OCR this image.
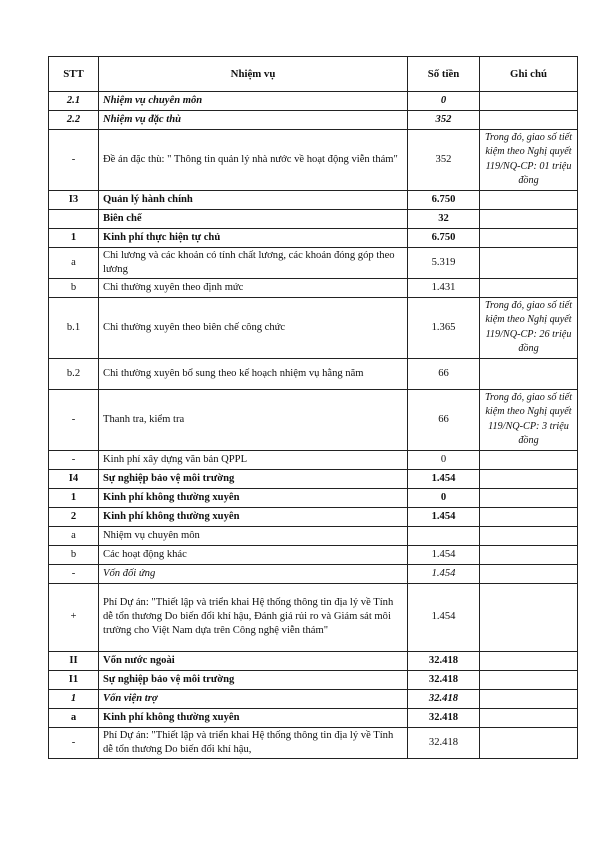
STT	Nhiệm vụ	Số tiền	Ghi chú
2.1	Nhiệm vụ chuyên môn	0	
2.2	Nhiệm vụ đặc thù	352	
-	Đề án đặc thù: " Thông tin quản lý nhà nước về hoạt động viễn thám"	352	Trong đó, giao số tiết kiệm theo Nghị quyết 119/NQ-CP: 01 triệu đồng
I3	Quản lý hành chính	6.750	
	Biên chế	32	
1	Kinh phí thực hiện tự chủ	6.750	
a	Chi lương và các khoản có tính chất lương, các khoản đóng góp theo lương	5.319	
b	Chi thường xuyên theo định mức	1.431	
b.1	Chi thường xuyên theo biên chế công chức	1.365	Trong đó, giao số tiết kiệm theo Nghị quyết 119/NQ-CP: 26 triệu đồng
b.2	Chi thường xuyên bổ sung theo kế hoạch nhiệm vụ hằng năm	66	
-	Thanh tra, kiểm tra	66	Trong đó, giao số tiết kiệm theo Nghị quyết 119/NQ-CP: 3 triệu đồng
-	Kinh phí xây dựng văn bản QPPL	0	
I4	Sự nghiệp bảo vệ môi trường	1.454	
1	Kinh phí không thường xuyên	0	
2	Kinh phí không thường xuyên	1.454	
a	Nhiệm vụ chuyên môn		
b	Các hoạt động khác	1.454	
-	Vốn đối ứng	1.454	
+	Phí Dự án: "Thiết lập và triển khai Hệ thống thông tin địa lý về Tính dễ tổn thương Do biến đổi khí hậu, Đánh giá rủi ro và Giám sát môi trường cho Việt Nam dựa trên Công nghệ viễn thám"	1.454	
II	Vốn nước ngoài	32.418	
I1	Sự nghiệp bảo vệ môi trường	32.418	
1	Vốn viện trợ	32.418	
a	Kinh phí không thường xuyên	32.418	
-	Phí Dự án: "Thiết lập và triển khai Hệ thống thông tin địa lý về Tính dễ tổn thương Do biến đổi khí hậu,	32.418	
